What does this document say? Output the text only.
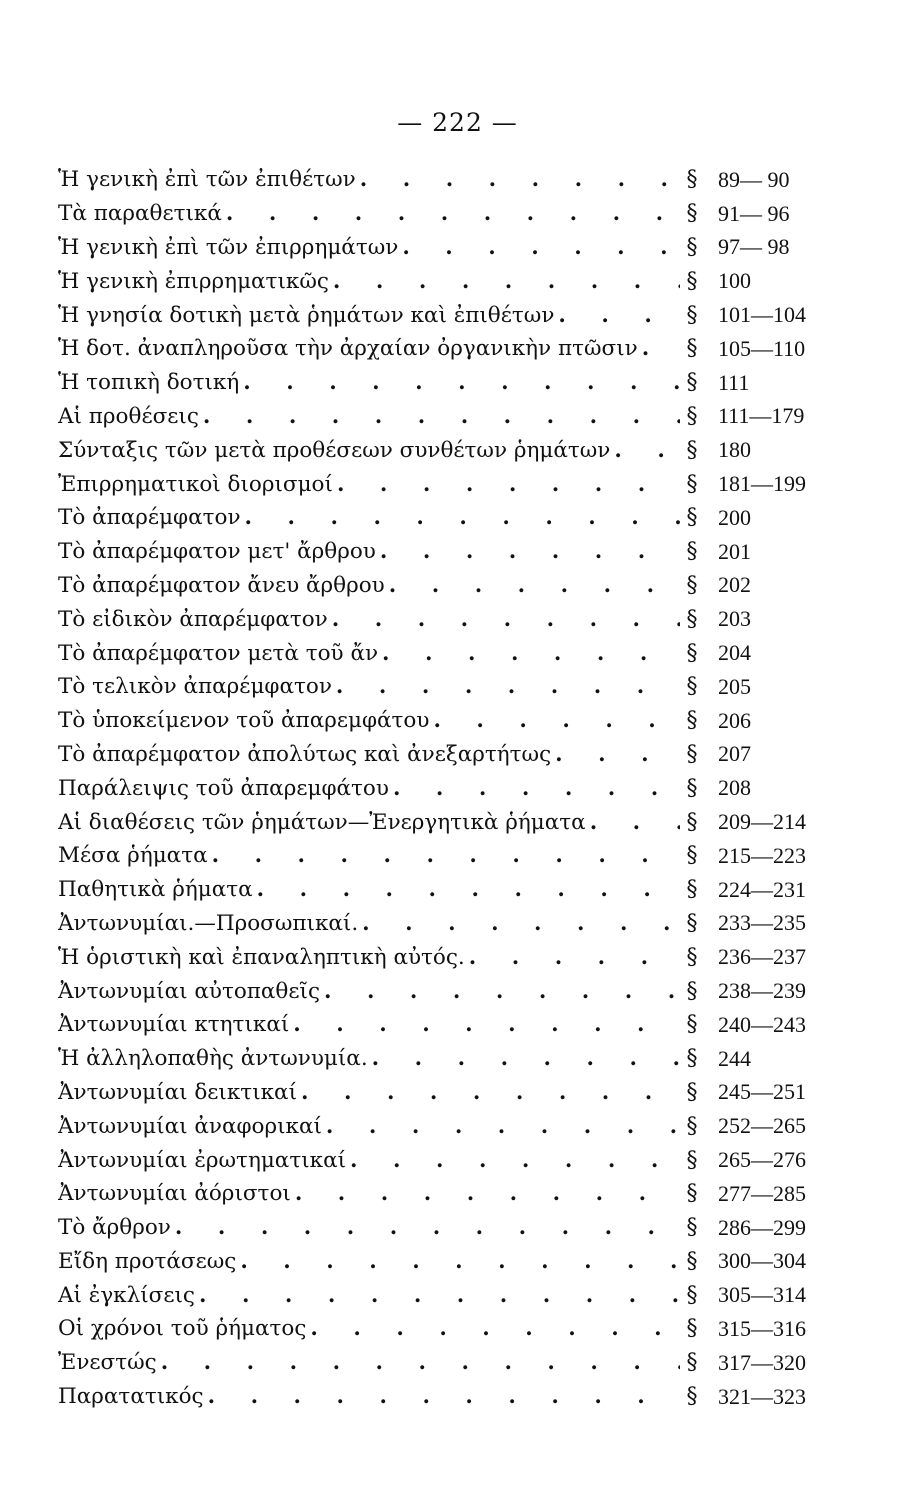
— 222 —
Ἡ γενικὴ ἐπὶ τῶν ἐπιθέτων . . .	§ 89— 90
Τὰ παραθετικά . . .	§ 91— 96
Ἡ γενικὴ ἐπὶ τῶν ἐπιρρημάτων . . .	§ 97— 98
Ἡ γενικὴ ἐπιρρηματικῶς . . .	§ 100
Ἡ γνησία δοτικὴ μετὰ ῥημάτων καὶ ἐπιθέτων . . .	§ 101—104
Ἡ δοτ. ἀναπληροῦσα τὴν ἀρχαίαν ὀργανικὴν πτῶσιν . . . § 105—110
Ἡ τοπικὴ δοτική . . .	§ 111
Αἱ προθέσεις . . .	§ 111—179
Σύνταξις τῶν μετὰ προθέσεων συνθέτων ῥημάτων . . .	§ 180
Ἐπιρρηματικοὶ διορισμοί . . .	§ 181—199
Τὸ ἀπαρέμφατον . . .	§ 200
Τὸ ἀπαρέμφατον μετ' ἄρθρου . . .	§ 201
Τὸ ἀπαρέμφατον ἄνευ ἄρθρου . . .	§ 202
Τὸ εἰδικὸν ἀπαρέμφατον . . .	§ 203
Τὸ ἀπαρέμφατον μετὰ τοῦ ἄν . . .	§ 204
Τὸ τελικὸν ἀπαρέμφατον . . .	§ 205
Τὸ ὑποκείμενον τοῦ ἀπαρεμφάτου . . .	§ 206
Τὸ ἀπαρέμφατον ἀπολύτως καὶ ἀνεξαρτήτως . . .	§ 207
Παράλειψις τοῦ ἀπαρεμφάτου . . .	§ 208
Αἱ διαθέσεις τῶν ῥημάτων—Ἐνεργητικὰ ῥήματα . . .	§ 209—214
Μέσα ῥήματα . . .	§ 215—223
Παθητικὰ ῥήματα . . .	§ 224—231
Ἀντωνυμίαι.—Προσωπικαί. . . .	§ 233—235
Ἡ ὁριστικὴ καὶ ἐπαναληπτικὴ αὐτός. . . .	§ 236—237
Ἀντωνυμίαι αὐτοπαθεῖς . . .	§ 238—239
Ἀντωνυμίαι κτητικαί . . .	§ 240—243
Ἡ ἀλληλοπαθὴς ἀντωνυμία. . . .	§ 244
Ἀντωνυμίαι δεικτικαί . . .	§ 245—251
Ἀντωνυμίαι ἀναφορικαί . . .	§ 252—265
Ἀντωνυμίαι ἐρωτηματικαί . . .	§ 265—276
Ἀντωνυμίαι ἀόριστοι . . .	§ 277—285
Τὸ ἄρθρον . . .	§ 286—299
Εἴδη προτάσεως . . .	§ 300—304
Αἱ ἐγκλίσεις . . .	§ 305—314
Οἱ χρόνοι τοῦ ῥήματος . . .	§ 315—316
Ἐνεστώς . . .	§ 317—320
Παρατατικός . . .	§ 321—323
